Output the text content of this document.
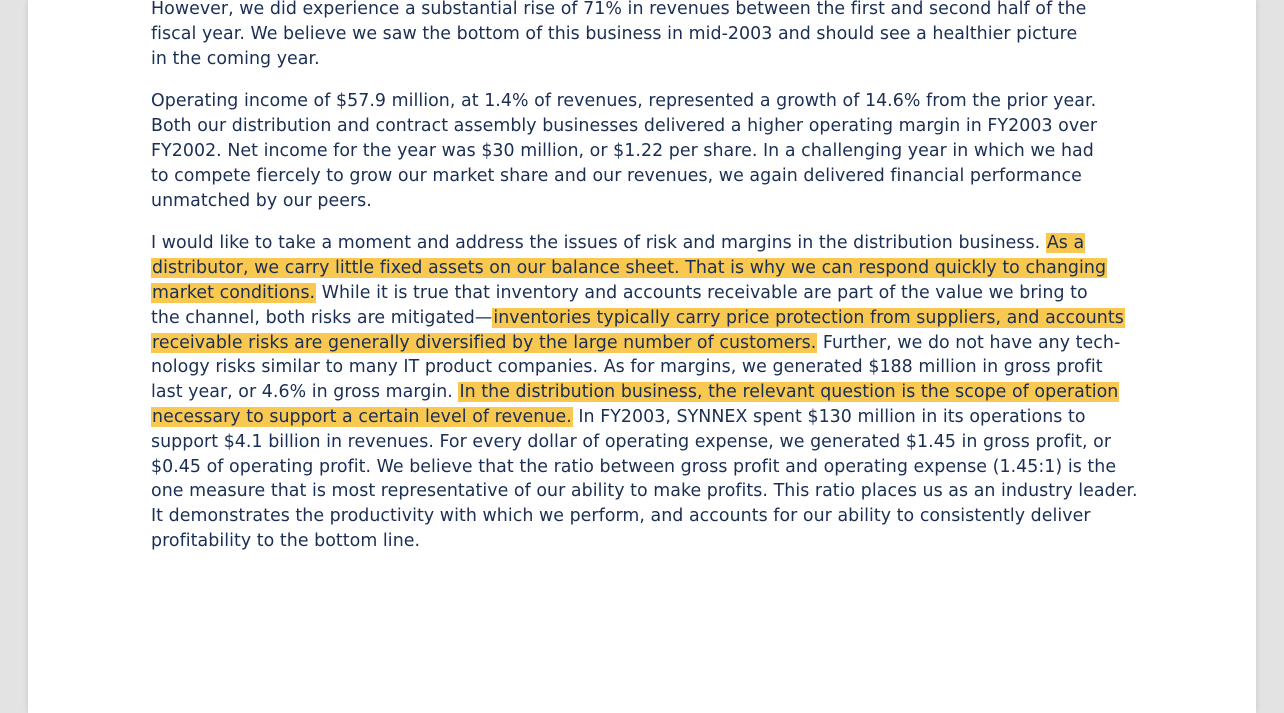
However, we did experience a substantial rise of 71% in revenues between the first and second half of the
fiscal year. We believe we saw the bottom of this business in mid-2003 and should see a healthier picture
in the coming year.

Operating income of $57.9 million, at 1.4% of revenues, represented a growth of 14.6% from the prior year.
Both our distribution and contract assembly businesses delivered a higher operating margin in FY2003 over
FY2002. Net income for the year was $30 million, or $1.22 per share. In a challenging year in which we had
to compete fiercely to grow our market share and our revenues, we again delivered financial performance
unmatched by our peers.

I would like to take a moment and address the issues of risk and margins in the distribution business. As a
distributor, we carry little fixed assets on our balance sheet. That is why we can respond quickly to changing
market conditions. While it is true that inventory and accounts receivable are part of the value we bring to
the channel, both risks are mitigated—inventories typically carry price protection from suppliers, and accounts
receivable risks are generally diversified by the large number of customers. Further, we do not have any tech-
nology risks similar to many IT product companies. As for margins, we generated $188 million in gross profit
last year, or 4.6% in gross margin. In the distribution business, the relevant question is the scope of operation
necessary to support a certain level of revenue. In FY2003, SYNNEX spent $130 million in its operations to
support $4.1 billion in revenues. For every dollar of operating expense, we generated $1.45 in gross profit, or
$0.45 of operating profit. We believe that the ratio between gross profit and operating expense (1.45:1) is the
one measure that is most representative of our ability to make profits. This ratio places us as an industry leader.
It demonstrates the productivity with which we perform, and accounts for our ability to consistently deliver
profitability to the bottom line.
